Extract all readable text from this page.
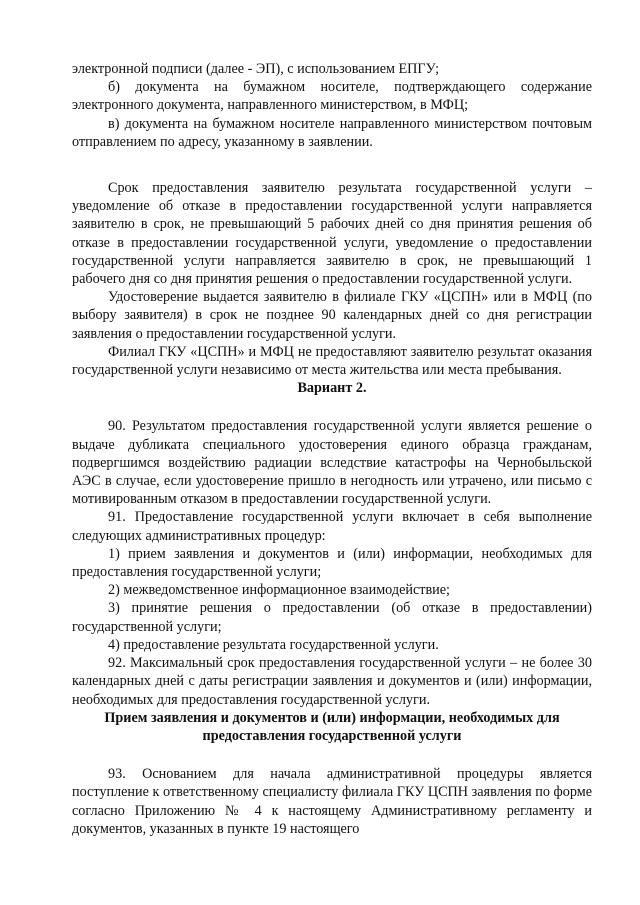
электронной подписи (далее - ЭП), с использованием ЕПГУ;

б) документа на бумажном носителе, подтверждающего содержание электронного документа, направленного министерством, в МФЦ;

в) документа на бумажном носителе направленного министерством почтовым отправлением по адресу, указанному в заявлении.

Срок предоставления заявителю результата государственной услуги – уведомление об отказе в предоставлении государственной услуги направляется заявителю в срок, не превышающий 5 рабочих дней со дня принятия решения об отказе в предоставлении государственной услуги, уведомление о предоставлении государственной услуги направляется заявителю в срок, не превышающий 1 рабочего дня со дня принятия решения о предоставлении государственной услуги.

Удостоверение выдается заявителю в филиале ГКУ «ЦСПН» или в МФЦ (по выбору заявителя) в срок не позднее 90 календарных дней со дня регистрации заявления о предоставлении государственной услуги.

Филиал ГКУ «ЦСПН» и МФЦ не предоставляют заявителю результат оказания государственной услуги независимо от места жительства или места пребывания.

Вариант 2.

90. Результатом предоставления государственной услуги является решение о выдаче дубликата специального удостоверения единого образца гражданам, подвергшимся воздействию радиации вследствие катастрофы на Чернобыльской АЭС в случае, если удостоверение пришло в негодность или утрачено, или письмо с мотивированным отказом в предоставлении государственной услуги.

91. Предоставление государственной услуги включает в себя выполнение следующих административных процедур:

1) прием заявления и документов и (или) информации, необходимых для предоставления государственной услуги;

2) межведомственное информационное взаимодействие;

3) принятие решения о предоставлении (об отказе в предоставлении) государственной услуги;

4) предоставление результата государственной услуги.

92. Максимальный срок предоставления государственной услуги – не более 30 календарных дней с даты регистрации заявления и документов и (или) информации, необходимых для предоставления государственной услуги.

Прием заявления и документов и (или) информации, необходимых для предоставления государственной услуги

93. Основанием для начала административной процедуры является поступление к ответственному специалисту филиала ГКУ ЦСПН заявления по форме согласно Приложению № 4 к настоящему Административному регламенту и документов, указанных в пункте 19 настоящего
